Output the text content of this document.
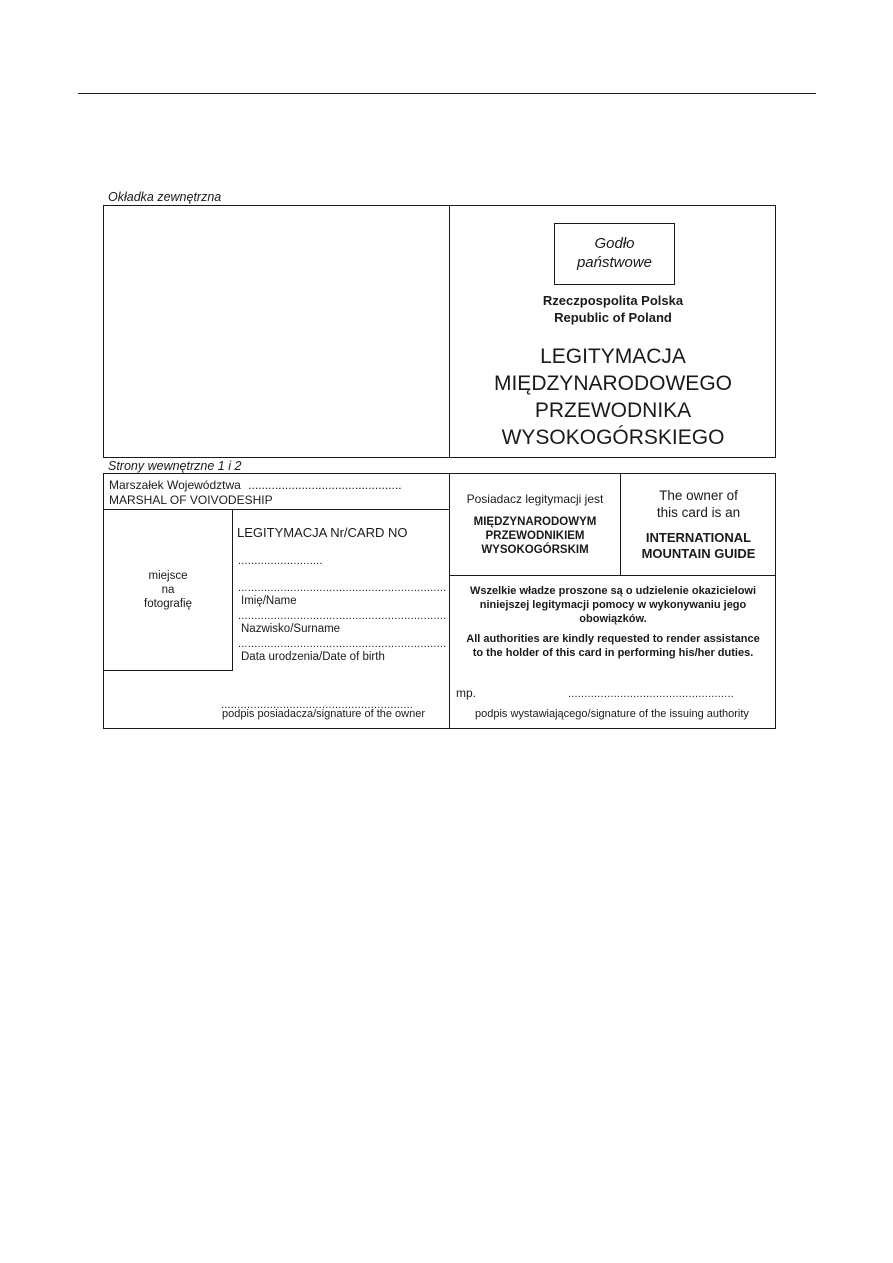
Okładka zewnętrzna
Godło
państwowe
Rzeczpospolita Polska
Republic of Poland
LEGITYMACJA
MIĘDZYNARODOWEGO
PRZEWODNIKA
WYSOKOGÓRSKIEGO
Strony wewnętrzne 1 i 2
Marszałek Województwa ..............................................
MARSHAL OF VOIVODESHIP
miejsce
na
fotografię
LEGITYMACJA Nr/CARD NO
..........................
................................................................
Imię/Name
................................................................
Nazwisko/Surname
................................................................
Data urodzenia/Date of birth
...........................................................
podpis posiadacza/signature of the owner
Posiadacz legitymacji jest
MIĘDZYNARODOWYM
PRZEWODNIKIEM
WYSOKOGÓRSKIM
The owner of
this card is an
INTERNATIONAL
MOUNTAIN GUIDE
Wszelkie władze proszone są o udzielenie okazicielowi
niniejszej legitymacji pomocy w wykonywaniu jego
obowiązków.
All authorities are kindly requested to render assistance
to the holder of this card in performing his/her duties.
mp.	...................................................
podpis wystawiającego/signature of the issuing authority
